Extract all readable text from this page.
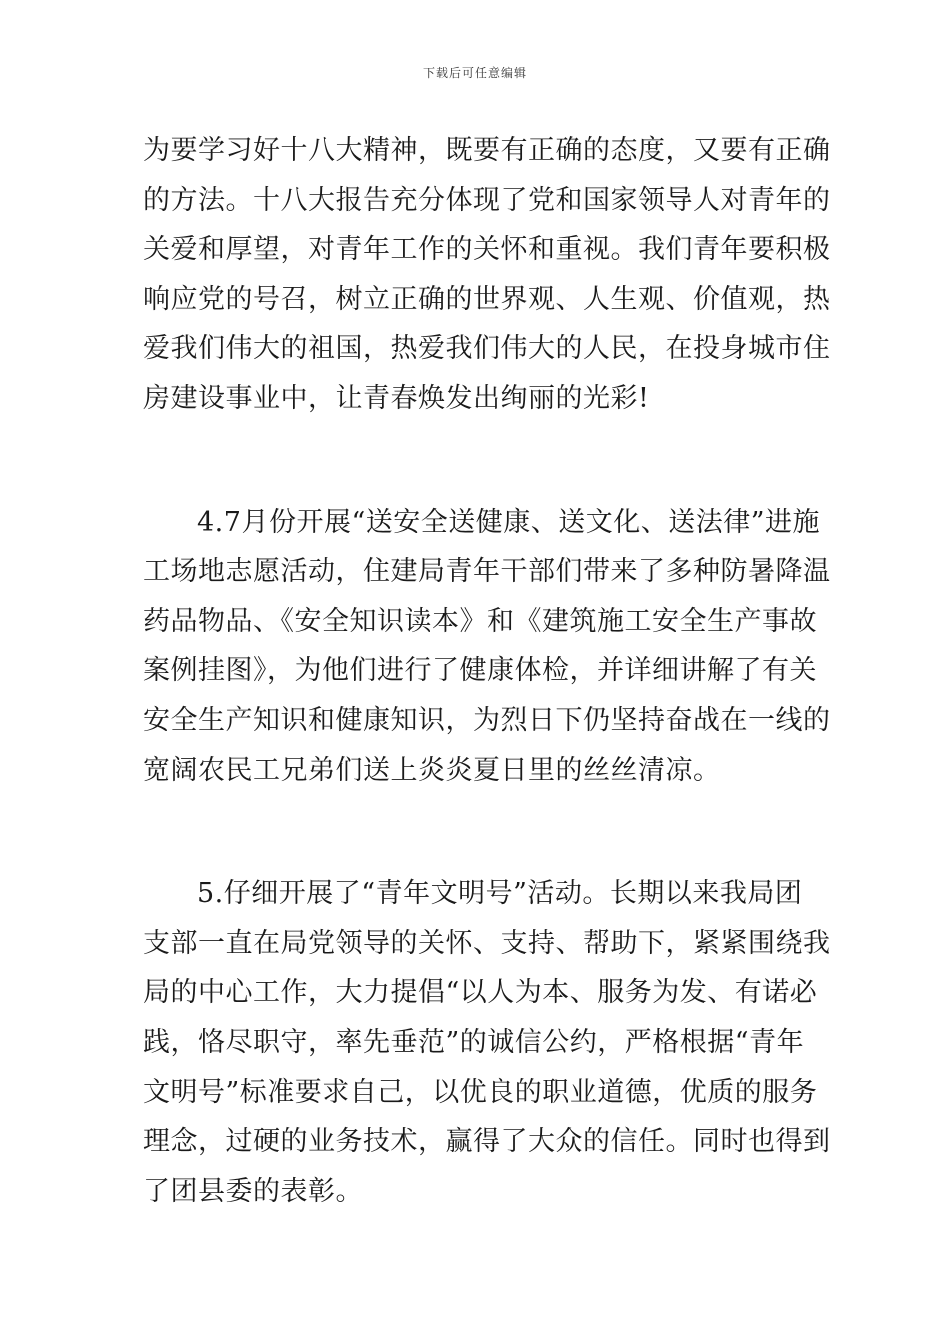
下载后可任意编辑

为要学习好十八大精神，既要有正确的态度，又要有正确
的方法。十八大报告充分体现了党和国家领导人对青年的
关爱和厚望，对青年工作的关怀和重视。我们青年要积极
响应党的号召，树立正确的世界观、人生观、价值观，热
爱我们伟大的祖国，热爱我们伟大的人民，在投身城市住
房建设事业中，让青春焕发出绚丽的光彩!

4.7月份开展“送安全送健康、送文化、送法律”进施
工场地志愿活动，住建局青年干部们带来了多种防暑降温
药品物品、《安全知识读本》和《建筑施工安全生产事故
案例挂图》，为他们进行了健康体检，并详细讲解了有关
安全生产知识和健康知识，为烈日下仍坚持奋战在一线的
宽阔农民工兄弟们送上炎炎夏日里的丝丝清凉。

5.仔细开展了“青年文明号”活动。长期以来我局团
支部一直在局党领导的关怀、支持、帮助下，紧紧围绕我
局的中心工作，大力提倡“以人为本、服务为发、有诺必
践，恪尽职守，率先垂范”的诚信公约，严格根据“青年
文明号”标准要求自己，以优良的职业道德，优质的服务
理念，过硬的业务技术，赢得了大众的信任。同时也得到
了团县委的表彰。
